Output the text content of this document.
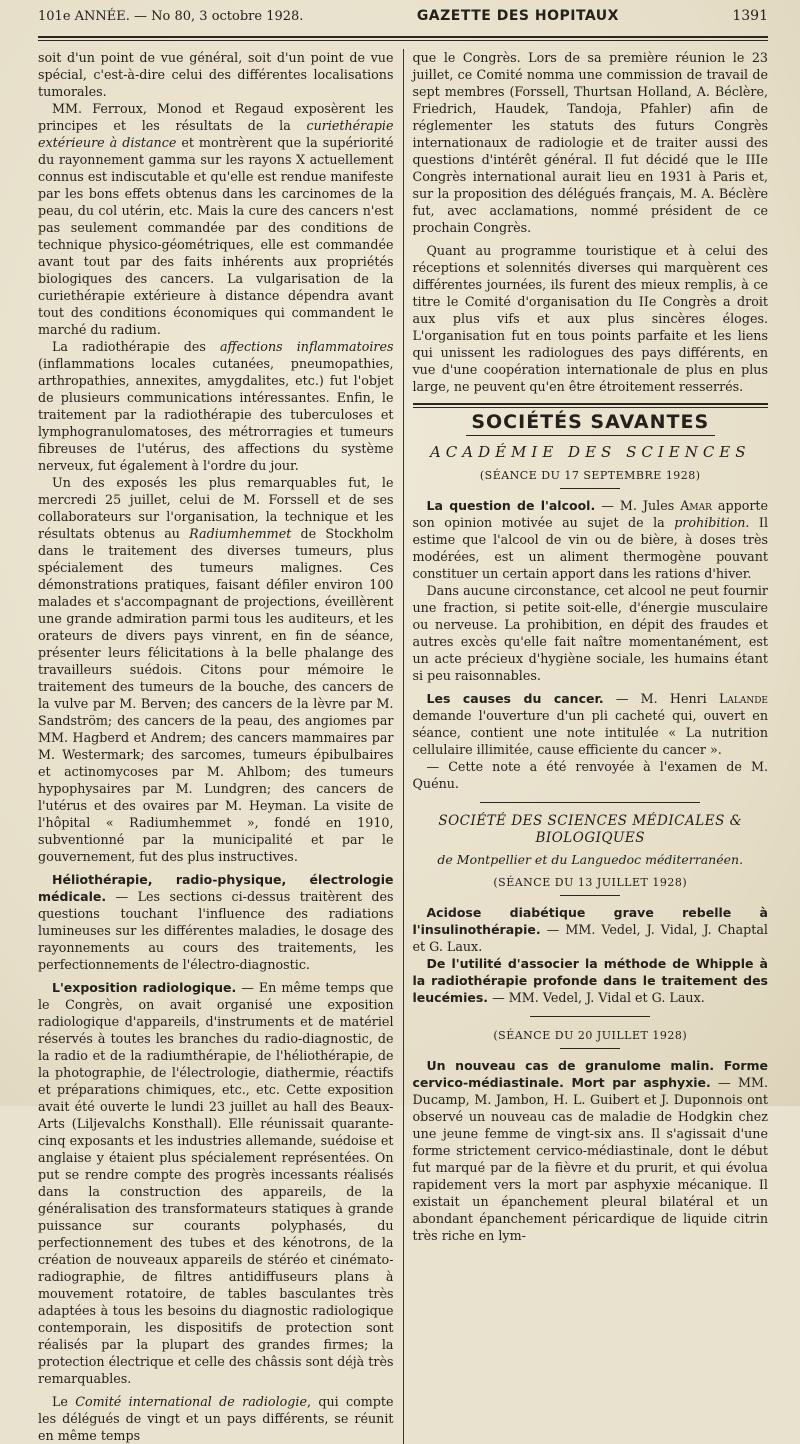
101e ANNÉE. — No 80, 3 octobre 1928.	GAZETTE DES HOPITAUX	1391

soit d'un point de vue général, soit d'un point de vue spécial, c'est-à-dire celui des différentes localisations tumorales.

MM. Ferroux, Monod et Regaud exposèrent les principes et les résultats de la curiethérapie extérieure à distance et montrèrent que la supériorité du rayonnement gamma sur les rayons X actuellement connus est indiscutable et qu'elle est rendue manifeste par les bons effets obtenus dans les carcinomes de la peau, du col utérin, etc. Mais la cure des cancers n'est pas seulement commandée par des conditions de technique physico-géométriques, elle est commandée avant tout par des faits inhérents aux propriétés biologiques des cancers. La vulgarisation de la curiethérapie extérieure à distance dépendra avant tout des conditions économiques qui commandent le marché du radium.

La radiothérapie des affections inflammatoires (inflammations locales cutanées, pneumopathies, arthropathies, annexites, amygdalites, etc.) fut l'objet de plusieurs communications intéressantes. Enfin, le traitement par la radiothérapie des tuberculoses et lymphogranulomatoses, des métrorragies et tumeurs fibreuses de l'utérus, des affections du système nerveux, fut également à l'ordre du jour.

Un des exposés les plus remarquables fut, le mercredi 25 juillet, celui de M. Forssell et de ses collaborateurs sur l'organisation, la technique et les résultats obtenus au Radiumhemmet de Stockholm dans le traitement des diverses tumeurs, plus spécialement des tumeurs malignes. Ces démonstrations pratiques, faisant défiler environ 100 malades et s'accompagnant de projections, éveillèrent une grande admiration parmi tous les auditeurs, et les orateurs de divers pays vinrent, en fin de séance, présenter leurs félicitations à la belle phalange des travailleurs suédois. Citons pour mémoire le traitement des tumeurs de la bouche, des cancers de la vulve par M. Berven; des cancers de la lèvre par M. Sandström; des cancers de la peau, des angiomes par MM. Hagberd et Andrem; des cancers mammaires par M. Westermark; des sarcomes, tumeurs épibulbaires et actinomycoses par M. Ahlbom; des tumeurs hypophysaires par M. Lundgren; des cancers de l'utérus et des ovaires par M. Heyman. La visite de l'hôpital « Radiumhemmet », fondé en 1910, subventionné par la municipalité et par le gouvernement, fut des plus instructives.

Héliothérapie, radio-physique, électrologie médicale. — Les sections ci-dessus traitèrent des questions touchant l'influence des radiations lumineuses sur les différentes maladies, le dosage des rayonnements au cours des traitements, les perfectionnements de l'électro-diagnostic.

L'exposition radiologique. — En même temps que le Congrès, on avait organisé une exposition radiologique d'appareils, d'instruments et de matériel réservés à toutes les branches du radio-diagnostic, de la radio et de la radiumthérapie, de l'héliothérapie, de la photographie, de l'électrologie, diathermie, réactifs et préparations chimiques, etc., etc. Cette exposition avait été ouverte le lundi 23 juillet au hall des Beaux-Arts (Liljevalchs Konsthall). Elle réunissait quarante-cinq exposants et les industries allemande, suédoise et anglaise y étaient plus spécialement représentées. On put se rendre compte des progrès incessants réalisés dans la construction des appareils, de la généralisation des transformateurs statiques à grande puissance sur courants polyphasés, du perfectionnement des tubes et des kénotrons, de la création de nouveaux appareils de stéréo et cinémato-radiographie, de filtres antidiffuseurs plans à mouvement rotatoire, de tables basculantes très adaptées à tous les besoins du diagnostic radiologique contemporain, les dispositifs de protection sont réalisés par la plupart des grandes firmes; la protection électrique et celle des châssis sont déjà très remarquables.

Le Comité international de radiologie, qui compte les délégués de vingt et un pays différents, se réunit en même temps

que le Congrès. Lors de sa première réunion le 23 juillet, ce Comité nomma une commission de travail de sept membres (Forssell, Thurtsan Holland, A. Béclère, Friedrich, Haudek, Tandoja, Pfahler) afin de réglementer les statuts des futurs Congrès internationaux de radiologie et de traiter aussi des questions d'intérêt général. Il fut décidé que le IIIe Congrès international aurait lieu en 1931 à Paris et, sur la proposition des délégués français, M. A. Béclère fut, avec acclamations, nommé président de ce prochain Congrès.

Quant au programme touristique et à celui des réceptions et solennités diverses qui marquèrent ces différentes journées, ils furent des mieux remplis, à ce titre le Comité d'organisation du IIe Congrès a droit aux plus vifs et aux plus sincères éloges. L'organisation fut en tous points parfaite et les liens qui unissent les radiologues des pays différents, en vue d'une coopération internationale de plus en plus large, ne peuvent qu'en être étroitement resserrés.

SOCIÉTÉS SAVANTES
ACADÉMIE DES SCIENCES
(SÉANCE DU 17 SEPTEMBRE 1928)

La question de l'alcool. — M. Jules Amar apporte son opinion motivée au sujet de la prohibition. Il estime que l'alcool de vin ou de bière, à doses très modérées, est un aliment thermogène pouvant constituer un certain apport dans les rations d'hiver.

Dans aucune circonstance, cet alcool ne peut fournir une fraction, si petite soit-elle, d'énergie musculaire ou nerveuse. La prohibition, en dépit des fraudes et autres excès qu'elle fait naître momentanément, est un acte précieux d'hygiène sociale, les humains étant si peu raisonnables.

Les causes du cancer. — M. Henri Lalande demande l'ouverture d'un pli cacheté qui, ouvert en séance, contient une note intitulée « La nutrition cellulaire illimitée, cause efficiente du cancer ».

— Cette note a été renvoyée à l'examen de M. Quénu.

SOCIÉTÉ DES SCIENCES MÉDICALES & BIOLOGIQUES
de Montpellier et du Languedoc méditerranéen.
(SÉANCE DU 13 JUILLET 1928)

Acidose diabétique grave rebelle à l'insulinothérapie. — MM. Vedel, J. Vidal, J. Chaptal et G. Laux.

De l'utilité d'associer la méthode de Whipple à la radiothérapie profonde dans le traitement des leucémies. — MM. Vedel, J. Vidal et G. Laux.

(SÉANCE DU 20 JUILLET 1928)

Un nouveau cas de granulome malin. Forme cervico-médiastinale. Mort par asphyxie. — MM. Ducamp, M. Jambon, H. L. Guibert et J. Duponnois ont observé un nouveau cas de maladie de Hodgkin chez une jeune femme de vingt-six ans. Il s'agissait d'une forme strictement cervico-médiastinale, dont le début fut marqué par de la fièvre et du prurit, et qui évolua rapidement vers la mort par asphyxie mécanique. Il existait un épanchement pleural bilatéral et un abondant épanchement péricardique de liquide citrin très riche en lym-
